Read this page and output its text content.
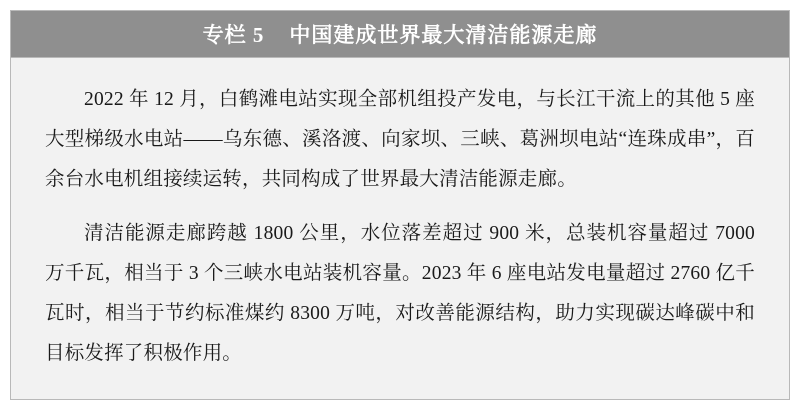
专栏 5    中国建成世界最大清洁能源走廊

2022 年 12 月，白鹤滩电站实现全部机组投产发电，与长江干流上的其他 5 座大型梯级水电站——乌东德、溪洛渡、向家坝、三峡、葛洲坝电站“连珠成串”，百余台水电机组接续运转，共同构成了世界最大清洁能源走廊。

清洁能源走廊跨越 1800 公里，水位落差超过 900 米，总装机容量超过 7000 万千瓦，相当于 3 个三峡水电站装机容量。2023 年 6 座电站发电量超过 2760 亿千瓦时，相当于节约标准煤约 8300 万吨，对改善能源结构，助力实现碳达峰碳中和目标发挥了积极作用。
